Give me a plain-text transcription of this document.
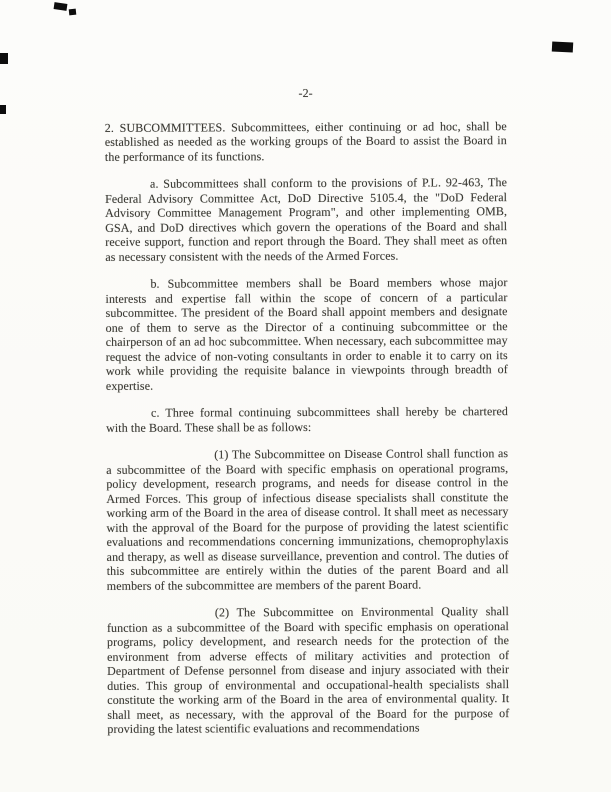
-2-

2. SUBCOMMITTEES. Subcommittees, either continuing or ad hoc, shall be established as needed as the working groups of the Board to assist the Board in the performance of its functions.

a. Subcommittees shall conform to the provisions of P.L. 92-463, The Federal Advisory Committee Act, DoD Directive 5105.4, the "DoD Federal Advisory Committee Management Program", and other implementing OMB, GSA, and DoD directives which govern the operations of the Board and shall receive support, function and report through the Board. They shall meet as often as necessary consistent with the needs of the Armed Forces.

b. Subcommittee members shall be Board members whose major interests and expertise fall within the scope of concern of a particular subcommittee. The president of the Board shall appoint members and designate one of them to serve as the Director of a continuing subcommittee or the chairperson of an ad hoc subcommittee. When necessary, each subcommittee may request the advice of non-voting consultants in order to enable it to carry on its work while providing the requisite balance in viewpoints through breadth of expertise.

c. Three formal continuing subcommittees shall hereby be chartered with the Board. These shall be as follows:

(1) The Subcommittee on Disease Control shall function as a subcommittee of the Board with specific emphasis on operational programs, policy development, research programs, and needs for disease control in the Armed Forces. This group of infectious disease specialists shall constitute the working arm of the Board in the area of disease control. It shall meet as necessary with the approval of the Board for the purpose of providing the latest scientific evaluations and recommendations concerning immunizations, chemoprophylaxis and therapy, as well as disease surveillance, prevention and control. The duties of this subcommittee are entirely within the duties of the parent Board and all members of the subcommittee are members of the parent Board.

(2) The Subcommittee on Environmental Quality shall function as a subcommittee of the Board with specific emphasis on operational programs, policy development, and research needs for the protection of the environment from adverse effects of military activities and protection of Department of Defense personnel from disease and injury associated with their duties. This group of environmental and occupational-health specialists shall constitute the working arm of the Board in the area of environmental quality. It shall meet, as necessary, with the approval of the Board for the purpose of providing the latest scientific evaluations and recommendations
